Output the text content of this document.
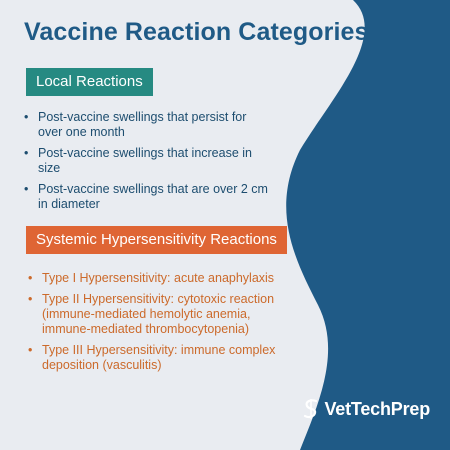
Vaccine Reaction Categories
Local Reactions
• Post-vaccine swellings that persist for over one month
• Post-vaccine swellings that increase in size
• Post-vaccine swellings that are over 2 cm in diameter
Systemic Hypersensitivity Reactions
• Type I Hypersensitivity: acute anaphylaxis
• Type II Hypersensitivity: cytotoxic reaction (immune-mediated hemolytic anemia, immune-mediated thrombocytopenia)
• Type III Hypersensitivity: immune complex deposition (vasculitis)
VetTechPrep
